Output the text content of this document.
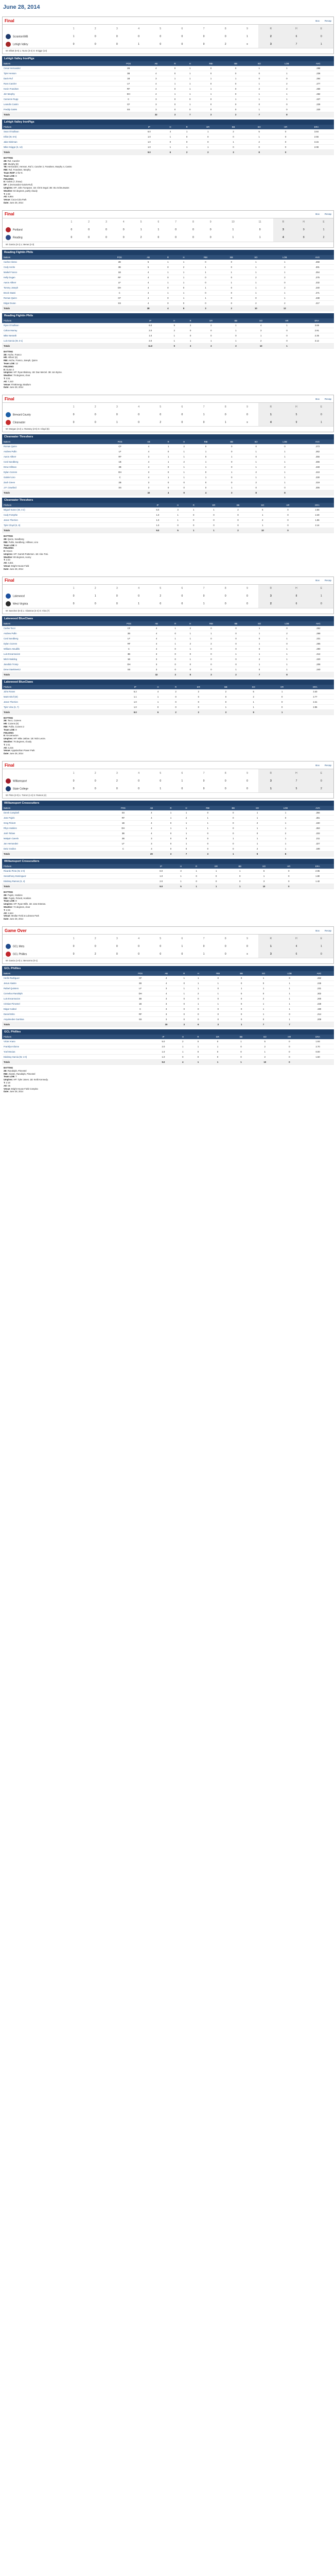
June 28, 2014
Final	Box Recap
	1	2	3	4	5	6	7	8	9	R	H	E
Scranton/WB	1	0	0	0	0	0	0	0	1	2	6	0
Lehigh Valley	0	0	0	1	0	0	0	2	x	3	7	1
W: Elliott (6-5) L: Nuno (3-4) S: Knigge (14)
Lehigh Valley IronPigs
Batters	POS	AB	R	H	RBI	BB	SO	LOB	AVG
Cesar Hernandez	2B	4	0	1	0	0	1	1	.288
Tyler Henson	3B	4	0	1	0	0	0	1	.236
Darin Ruf	1B	3	1	1	1	1	0	0	.264
Russ Canzler	LF	4	1	1	0	0	1	2	.277
Kevin Frandsen	RF	4	0	1	1	0	2	2	.250
Jim Murphy	DH	4	1	1	1	0	1	1	.262
Cameron Rupp	C	3	0	0	0	1	1	1	.227
Leandro Castro	CF	3	0	1	0	0	0	0	.229
Freddy Galvis	SS	3	0	0	0	0	1	0	.220
Totals		32	3	7	3	2	7	8	
Lehigh Valley IronPigs
Pitchers	IP	H	R	ER	BB	SO	HR	ERA
Sean O'Sullivan	6.0	4	1	1	2	5	0	3.84
Elliot (W, 6-5)	1.0	1	0	0	0	1	0	2.56
Jake Diekman	1.0	0	0	0	1	2	0	3.15
Mike Knigge (S, 14)	1.0	1	1	1	0	0	0	2.08
Totals	9.0	6	2	2	3	8	0	
BATTING
2B: Ruf, Canzler
HR: Murphy (8)
TB: Hernandez, Henson, Ruf 2, Canzler 2, Frandsen, Murphy 4, Castro
RBI: Ruf, Frandsen, Murphy
Team RISP: 2-for-9.
Team LOB: 8
FIELDING
E: Galvis (7, throw)
DP: 1 (Hernandez-Galvis-Ruf)
Umpires: HP: John Tumpane. 1B: Chris Segal. 3B: Stu Scheurwater.
Weather: 82 degrees, partly cloudy
T: 2:48
Att: 9,864
Venue: Coca-Cola Park
Date: June 28, 2014
Final	Box Recap
	1	2	3	4	5	6	7	8	9	10	11	R	H	E
Portland	0	0	0	0	1	1	0	0	0	1	0	3	9	1
Reading	0	0	0	0	2	0	0	0	0	1	1	4	8	2
W: Garcia (3-1) L: Beras (2-3)
Reading Fightin Phils
Batters	POS	AB	R	H	RBI	BB	SO	LOB	AVG
Carlos Alonso	2B	5	1	1	0	0	1	1	.268
Cody Asche	3B	5	0	2	1	0	1	2	.301
Maikel Franco	1B	4	1	1	1	1	1	1	.254
Kelly Dugan	RF	4	0	1	0	0	2	2	.275
Aaron Altherr	LF	4	1	1	0	1	1	0	.232
Tommy Joseph	DH	4	0	0	1	0	1	2	.240
Brock Stassi	C	4	1	1	0	0	1	1	.271
Roman Quinn	CF	4	0	1	1	0	0	1	.238
Edgar Duran	SS	4	0	0	0	0	2	2	.217
Totals		38	4	8	3	2	10	12	
Reading Fightin Phils
Pitchers	IP	H	R	ER	BB	SO	HR	ERA
Ryan O'Sullivan	6.0	5	2	2	1	4	1	3.69
Colton Murray	2.0	2	0	0	1	3	0	2.91
Mike Nesseth	1.0	1	0	0	0	1	0	2.35
Luis Garcia (W, 3-1)	2.0	1	1	1	1	2	0	3.12
Totals	11.0	9	3	3	3	10	1	
BATTING
2B: Asche, Franco
HR: Altherr (6)
RBI: Asche, Franco, Joseph, Quinn
Team LOB: 12
FIELDING
E: Duran 2
Umpires: HP: Ryan Blakney. 1B: Dan Merzel. 3B: Jon Byrne.
Weather: 79 degrees, clear
T: 3:21
Att: 7,410
Venue: FirstEnergy Stadium
Date: June 28, 2014
Final	Box Recap
	1	2	3	4	5	6	7	8	9	R	H	E
Brevard County	0	0	0	0	0	0	1	0	0	1	5	0
Clearwater	0	0	1	0	2	0	0	1	x	4	9	1
W: Morgan (4-2) L: Ramsey (2-5) S: Cloyd (6)
Clearwater Threshers
Batters	POS	AB	R	H	RBI	BB	SO	LOB	AVG
Roman Quinn	CF	4	1	2	0	0	0	0	.273
Andrew Pullin	LF	4	0	1	1	0	1	1	.262
Aaron Altherr	RF	3	1	1	0	1	0	1	.255
Cord Sandberg	1B	4	1	2	1	0	1	1	.286
Drew Hillman	3B	4	0	1	1	0	1	2	.248
Dylan Cozens	DH	3	0	1	0	1	2	1	.243
Gabriel Lino	C	4	1	1	1	0	1	1	.230
Zach Green	2B	3	0	0	0	0	2	1	.219
J.P. Crawford	SS	3	0	0	0	1	0	0	.305
Totals		32	4	9	4	3	8	8	
Clearwater Threshers
Pitchers	IP	H	R	ER	BB	SO	HR	ERA
Miguel Nunez (W, 4-2)	6.0	3	1	1	2	6	0	2.88
Cody Forsythe	1.0	1	0	0	0	1	0	2.49
Jesen Therrien	1.0	1	0	0	0	2	0	1.96
Tyler Cloyd (S, 6)	1.0	0	0	0	0	1	0	2.14
Totals	9.0	5	1	1	2	10	0	
BATTING
2B: Quinn, Sandberg
RBI: Pullin, Sandberg, Hillman, Lino
Team LOB: 8
FIELDING
E: Green
Umpires: HP: Garrett Patterson. 1B: Alex Tosi.
Weather: 88 degrees, sunny
T: 2:33
Att: 4,821
Venue: Bright House Field
Date: June 28, 2014
Final	Box Recap
	1	2	3	4	5	6	7	8	9	R	H	E
Lakewood	0	1	0	0	2	0	0	0	0	3	8	1
West Virginia	0	0	0	1	0	0	1	0	0	2	6	0
W: Sanchez (5-3) L: Glasnow (4-4) S: Viza (7)
Lakewood BlueClaws
Batters	POS	AB	R	H	RBI	BB	SO	LOB	AVG
Carlos Tocci	CF	4	1	2	0	0	1	0	.252
Andrew Pullin	2B	4	0	1	1	0	1	2	.268
Cord Sandberg	LF	4	1	1	0	0	0	1	.231
Dylan Cozens	RF	4	1	2	2	0	1	0	.265
Willians Astudillo	C	4	0	1	0	0	0	1	.290
Luis Encarnacion	3B	3	0	0	0	1	1	1	.214
Mitch Walding	1B	3	0	1	0	0	2	1	.220
Jiandido Tromp	DH	3	0	0	0	0	1	1	.208
Drew Stankiewicz	SS	3	0	0	0	1	0	1	.240
Totals		32	3	8	3	2	7	8	
Lakewood BlueClaws
Pitchers	IP	H	R	ER	BB	SO	HR	ERA
John Rosen	5.2	4	2	2	2	5	1	3.40
Matt Imhof (W)	1.1	1	0	0	0	2	0	2.77
Jesen Therrien	1.0	1	0	0	0	1	0	2.21
Tyler Viza (S, 7)	1.0	0	0	0	1	1	0	2.95
Totals	9.0	6	2	2	3	9	1	
BATTING
2B: Tocci, Cozens
HR: Cozens (9)
RBI: Pullin, Cozens 2
Team LOB: 8
FIELDING
E: Encarnacion
Umpires: HP: Mike Jarboe. 1B: Nick Lenze.
Weather: 76 degrees, cloudy
T: 2:41
Att: 3,215
Venue: Appalachian Power Park
Date: June 28, 2014
Final	Box Recap
	1	2	3	4	5	6	7	8	9	R	H	E
Williamsport	0	0	2	0	0	1	0	0	0	3	7	0
State College	0	0	0	0	1	0	0	0	0	1	5	2
W: Pinto (2-0) L: Torrez (1-2) S: Ramos (4)
Williamsport Crosscutters
Batters	POS	AB	R	H	RBI	BB	SO	LOB	AVG
Derek Campbell	SS	4	1	1	0	0	1	1	.256
Jose Pujols	RF	4	1	2	1	0	1	0	.281
Greg Pickett	1B	4	0	1	1	0	2	1	.240
Rhys Hoskins	DH	4	1	1	1	0	1	1	.263
Josh Tobias	3B	4	0	1	0	0	0	2	.233
Malquin Canelo	2B	3	0	0	0	1	1	1	.211
Jan Hernandez	LF	3	0	1	0	0	1	1	.227
Deivi Grullon	C	3	0	0	0	0	2	1	.198
Totals		29	3	7	3	1	9	8	
Williamsport Crosscutters
Pitchers	IP	H	R	ER	BB	SO	HR	ERA
Ricardo Pinto (W, 2-0)	6.0	3	1	1	1	6	0	2.05
Seranthony Dominguez	1.0	1	0	0	0	1	0	1.80
Edubray Ramos (S, 4)	2.0	1	0	0	0	3	0	1.42
Totals	9.0	5	1	1	1	10	0	
BATTING
2B: Pujols, Hoskins
RBI: Pujols, Pickett, Hoskins
Team LOB: 8
Umpires: HP: Ryan Wills. 1B: Jose Esteras.
Weather: 72 degrees, clear
T: 2:29
Att: 2,644
Venue: Medlar Field at Lubrano Park
Date: June 28, 2014
Game Over	Box Recap
	1	2	3	4	5	6	7	8	9	R	H	E
GCL Mets	0	0	0	0	0	1	0	0	0	1	4	1
GCL Phillies	0	2	0	0	0	0	1	0	x	3	6	0
W: Garcia (1-0) L: Bencomo (0-1)
GCL Phillies
Batters	POS	AB	R	H	RBI	BB	SO	LOB	AVG
Herlis Rodriguez	CF	4	1	1	0	0	1	0	.262
Jesus Alastre	2B	4	0	1	1	0	0	1	.245
Rafael Quintero	LF	3	1	1	0	1	1	1	.231
Cornelius Randolph	DH	4	1	2	1	0	0	1	.302
Luis Encarnacion	3B	3	0	0	0	0	2	1	.200
Cristian Pimentel	1B	3	0	1	1	0	1	1	.228
Edgar Cabral	C	3	0	0	0	0	1	1	.190
Daniel Brito	RF	3	0	0	0	0	1	0	.214
Arquimedes Gamboa	SS	3	0	0	0	0	0	1	.209
Totals		30	3	6	3	1	7	7	
GCL Phillies
Pitchers	IP	H	R	ER	BB	SO	HR	ERA
Victor Arano	5.0	2	0	0	1	5	0	1.93
Franklyn Kilome	2.0	1	1	1	0	2	0	2.70
Yoel Mecias	1.0	1	0	0	0	1	0	0.00
Edubray Garcia (W, 1-0)	1.0	0	0	0	0	2	0	1.50
Totals	9.0	4	1	1	1	10	0	
BATTING
2B: Randolph, Pimentel
RBI: Alastre, Randolph, Pimentel
Team LOB: 7
Umpires: HP: Tyler Jones. 1B: Keith Kennedy.
T: 2:18
Att: 85
Venue: Bright House Field Complex
Date: June 28, 2014
